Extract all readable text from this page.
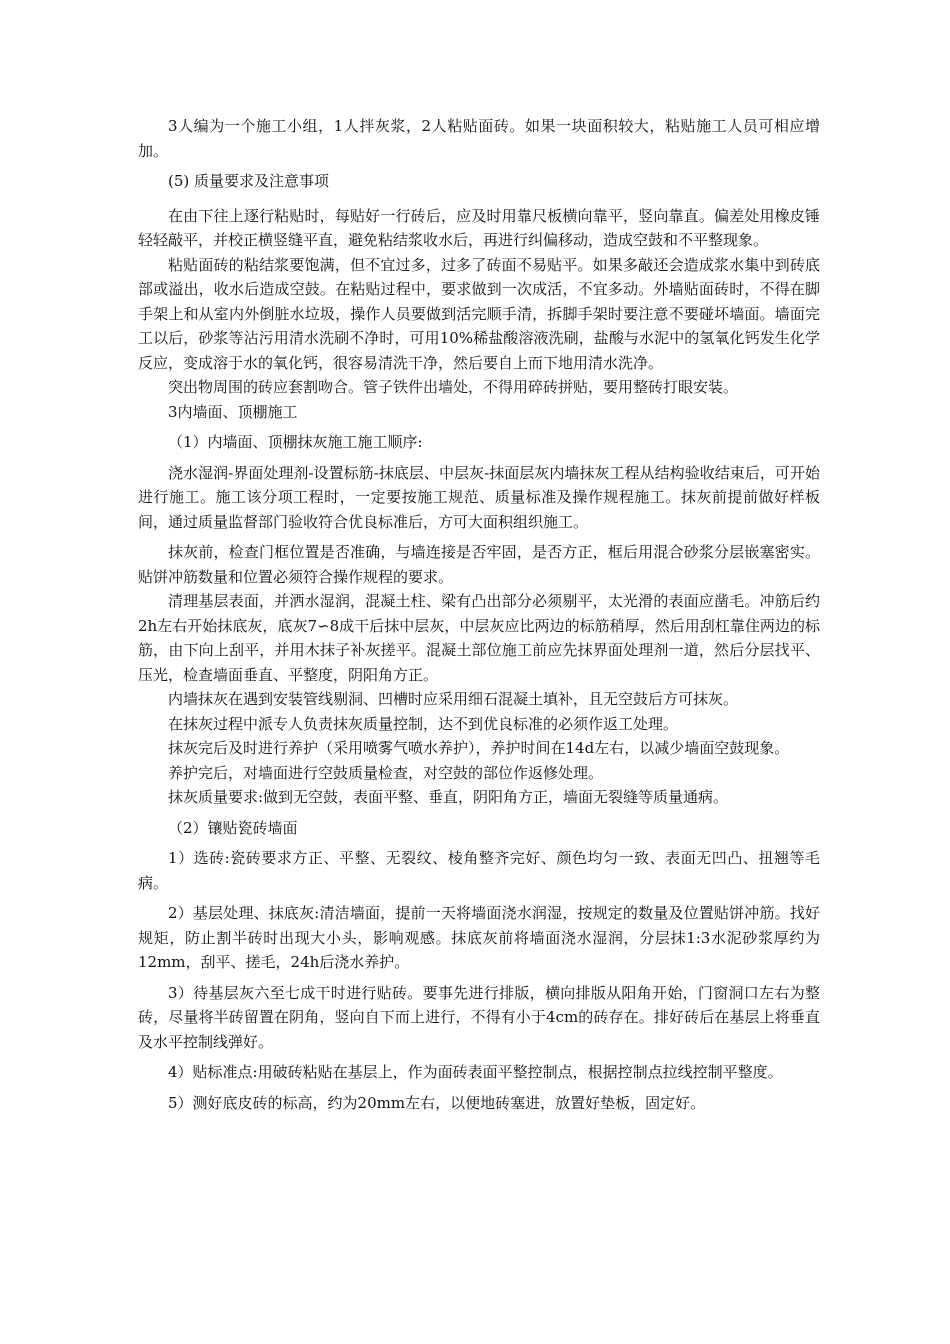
3人编为一个施工小组，1人拌灰浆，2人粘贴面砖。如果一块面积较大，粘贴施工人员可相应增加。

(5) 质量要求及注意事项

在由下往上逐行粘贴时，每贴好一行砖后，应及时用靠尺板横向靠平，竖向靠直。偏差处用橡皮锤轻轻敲平，并校正横竖缝平直，避免粘结浆收水后，再进行纠偏移动，造成空鼓和不平整现象。

粘贴面砖的粘结浆要饱满，但不宜过多，过多了砖面不易贴平。如果多敲还会造成浆水集中到砖底部或溢出，收水后造成空鼓。在粘贴过程中，要求做到一次成活，不宜多动。外墙贴面砖时，不得在脚手架上和从室内外倒脏水垃圾，操作人员要做到活完顺手清，拆脚手架时要注意不要碰坏墙面。墙面完工以后，砂浆等沾污用清水洗刷不净时，可用10%稀盐酸溶液洗刷，盐酸与水泥中的氢氧化钙发生化学反应，变成溶于水的氧化钙，很容易清洗干净，然后要自上而下地用清水洗净。

突出物周围的砖应套割吻合。管子铁件出墙处，不得用碎砖拼贴，要用整砖打眼安装。

3内墙面、顶棚施工

（1）内墙面、顶棚抹灰施工施工顺序:

浇水湿润-界面处理剂-设置标筋-抹底层、中层灰-抹面层灰内墙抹灰工程从结构验收结束后，可开始进行施工。施工该分项工程时，一定要按施工规范、质量标准及操作规程施工。抹灰前提前做好样板间，通过质量监督部门验收符合优良标准后，方可大面积组织施工。

抹灰前，检查门框位置是否准确，与墙连接是否牢固，是否方正，框后用混合砂浆分层嵌塞密实。贴饼冲筋数量和位置必须符合操作规程的要求。

清理基层表面，并洒水湿润，混凝土柱、梁有凸出部分必须剔平，太光滑的表面应凿毛。冲筋后约2h左右开始抹底灰，底灰7∽8成干后抹中层灰，中层灰应比两边的标筋稍厚，然后用刮杠靠住两边的标筋，由下向上刮平，并用木抹子补灰搓平。混凝土部位施工前应先抹界面处理剂一道，然后分层找平、压光，检查墙面垂直、平整度，阴阳角方正。

内墙抹灰在遇到安装管线剔洞、凹槽时应采用细石混凝土填补，且无空鼓后方可抹灰。

在抹灰过程中派专人负责抹灰质量控制，达不到优良标准的必须作返工处理。

抹灰完后及时进行养护（采用喷雾气喷水养护），养护时间在14d左右，以减少墙面空鼓现象。

养护完后，对墙面进行空鼓质量检查，对空鼓的部位作返修处理。

抹灰质量要求:做到无空鼓，表面平整、垂直，阴阳角方正，墙面无裂缝等质量通病。

（2）镶贴瓷砖墙面

1）选砖:瓷砖要求方正、平整、无裂纹、棱角整齐完好、颜色均匀一致、表面无凹凸、扭翘等毛病。

2）基层处理、抹底灰:清洁墙面，提前一天将墙面浇水润湿，按规定的数量及位置贴饼冲筋。找好规矩，防止割半砖时出现大小头，影响观感。抹底灰前将墙面浇水湿润，分层抹1:3水泥砂浆厚约为12mm，刮平、搓毛，24h后浇水养护。

3）待基层灰六至七成干时进行贴砖。要事先进行排版，横向排版从阳角开始，门窗洞口左右为整砖，尽量将半砖留置在阴角，竖向自下而上进行，不得有小于4cm的砖存在。排好砖后在基层上将垂直及水平控制线弹好。

4）贴标准点:用破砖粘贴在基层上，作为面砖表面平整控制点，根据控制点拉线控制平整度。

5）测好底皮砖的标高，约为20mm左右，以便地砖塞进，放置好垫板，固定好。
